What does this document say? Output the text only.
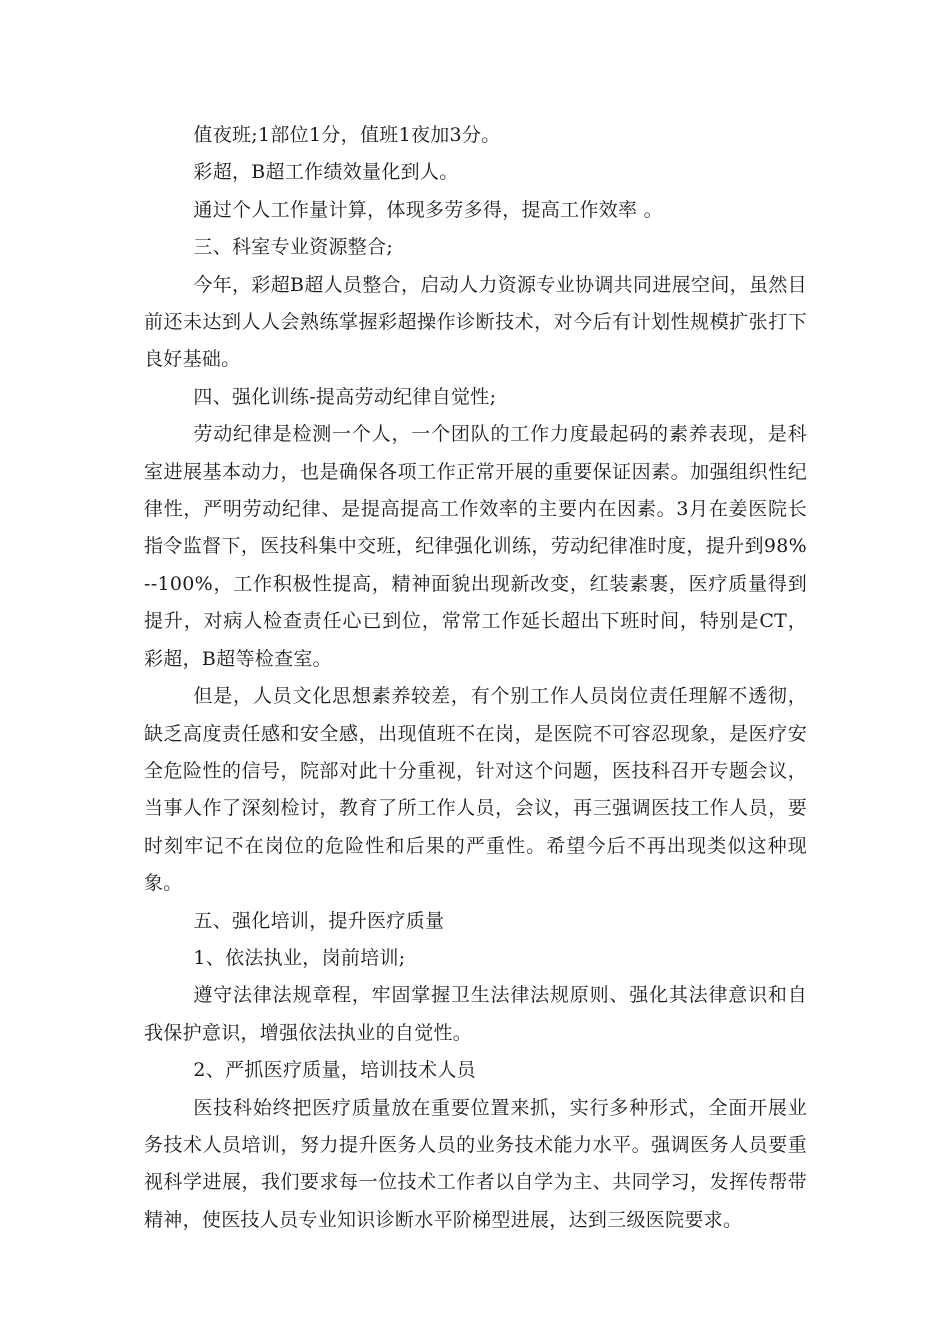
值夜班;1部位1分，值班1夜加3分。

彩超，B超工作绩效量化到人。

通过个人工作量计算，体现多劳多得，提高工作效率 。

三、科室专业资源整合;

今年，彩超B超人员整合，启动人力资源专业协调共同进展空间，虽然目前还未达到人人会熟练掌握彩超操作诊断技术，对今后有计划性规模扩张打下良好基础。

四、强化训练-提高劳动纪律自觉性;

劳动纪律是检测一个人，一个团队的工作力度最起码的素养表现，是科室进展基本动力，也是确保各项工作正常开展的重要保证因素。加强组织性纪律性，严明劳动纪律、是提高提高工作效率的主要内在因素。3月在姜医院长指令监督下，医技科集中交班，纪律强化训练，劳动纪律准时度，提升到98%--100%，工作积极性提高，精神面貌出现新改变，红装素裹，医疗质量得到提升，对病人检查责任心已到位，常常工作延长超出下班时间，特别是CT，彩超，B超等检查室。

但是，人员文化思想素养较差，有个别工作人员岗位责任理解不透彻，缺乏高度责任感和安全感，出现值班不在岗，是医院不可容忍现象，是医疗安全危险性的信号，院部对此十分重视，针对这个问题，医技科召开专题会议，当事人作了深刻检讨，教育了所工作人员，会议，再三强调医技工作人员，要时刻牢记不在岗位的危险性和后果的严重性。希望今后不再出现类似这种现象。

五、强化培训，提升医疗质量

1、依法执业，岗前培训;

遵守法律法规章程，牢固掌握卫生法律法规原则、强化其法律意识和自我保护意识，增强依法执业的自觉性。

2、严抓医疗质量，培训技术人员

医技科始终把医疗质量放在重要位置来抓，实行多种形式，全面开展业务技术人员培训，努力提升医务人员的业务技术能力水平。强调医务人员要重视科学进展，我们要求每一位技术工作者以自学为主、共同学习，发挥传帮带精神，使医技人员专业知识诊断水平阶梯型进展，达到三级医院要求。
